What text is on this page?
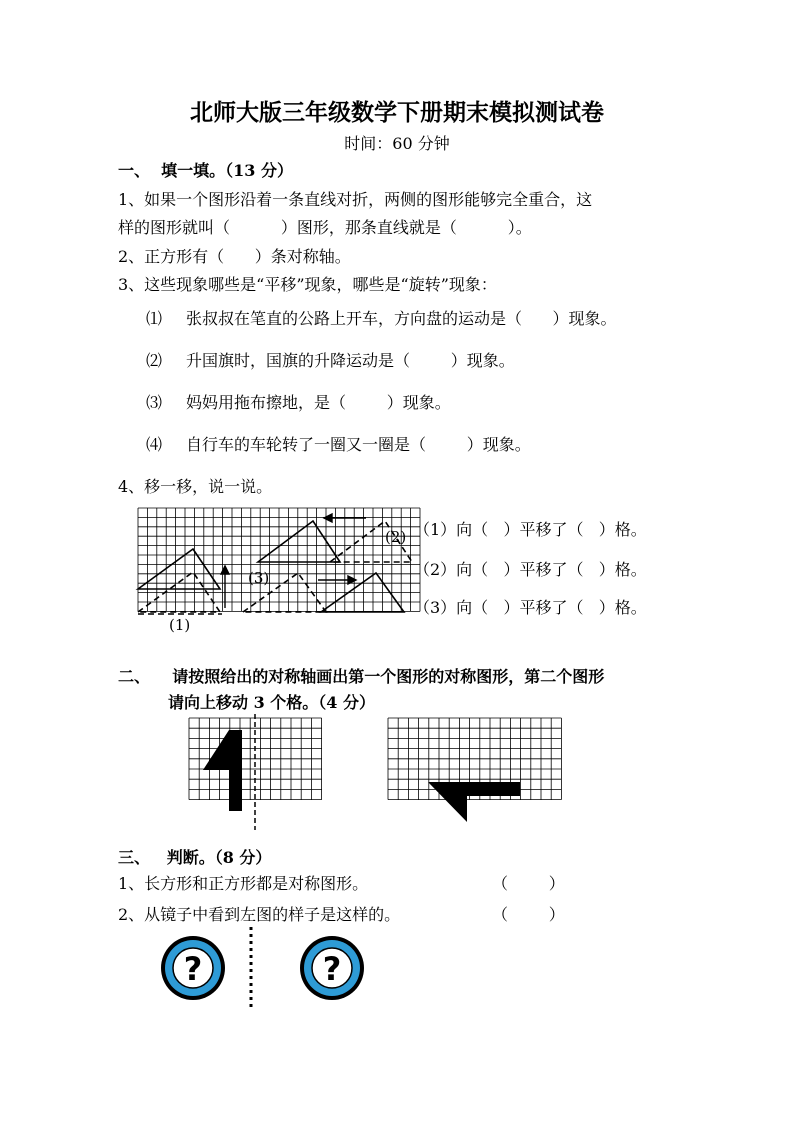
北师大版三年级数学下册期末模拟测试卷
时间：60 分钟
一、  填一填。（13 分）
1、如果一个图形沿着一条直线对折，两侧的图形能够完全重合，这
样的图形就叫（          ）图形，那条直线就是（          ）。
2、正方形有（      ）条对称轴。
3、这些现象哪些是“平移”现象，哪些是“旋转”现象：
⑴ 张叔叔在笔直的公路上开车，方向盘的运动是（      ）现象。
⑵ 升国旗时，国旗的升降运动是（        ）现象。
⑶ 妈妈用拖布擦地，是（        ）现象。
⑷ 自行车的车轮转了一圈又一圈是（        ）现象。
4、移一移，说一说。
(1)
(2)
(3)
（1）向（   ）平移了（   ）格。
（2）向（   ）平移了（   ）格。
（3）向（   ）平移了（   ）格。
二、    请按照给出的对称轴画出第一个图形的对称图形，第二个图形
请向上移动 3 个格。（4 分）
三、   判断。（8 分）
1、长方形和正方形都是对称图形。	（        ）
2、从镜子中看到左图的样子是这样的。	（        ）
?	?
